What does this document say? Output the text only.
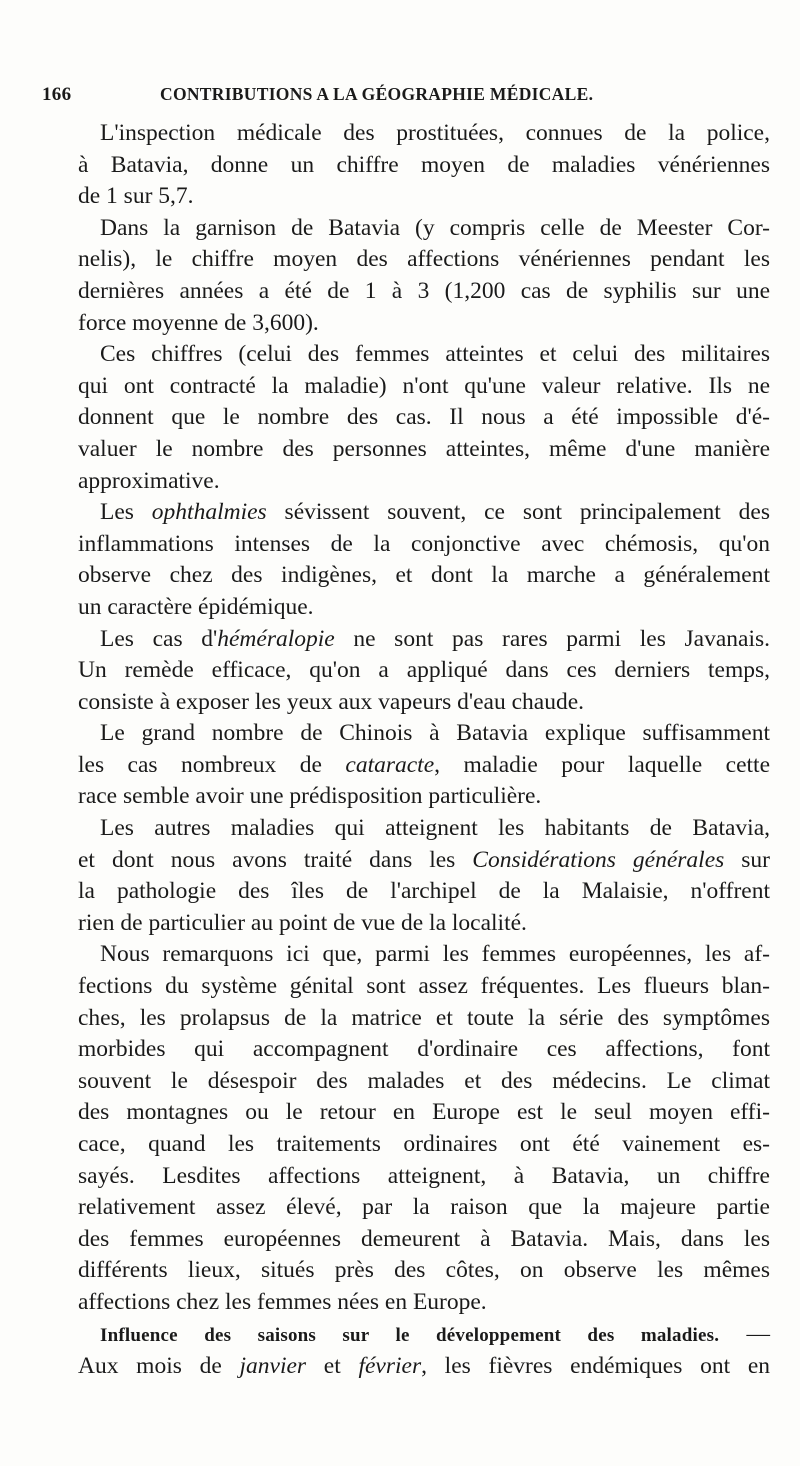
166	CONTRIBUTIONS A LA GÉOGRAPHIE MÉDICALE.

L'inspection médicale des prostituées, connues de la police,
à Batavia, donne un chiffre moyen de maladies vénériennes
de 1 sur 5,7.

Dans la garnison de Batavia (y compris celle de Meester Cor-
nelis), le chiffre moyen des affections vénériennes pendant les
dernières années a été de 1 à 3 (1,200 cas de syphilis sur une
force moyenne de 3,600).

Ces chiffres (celui des femmes atteintes et celui des militaires
qui ont contracté la maladie) n'ont qu'une valeur relative. Ils ne
donnent que le nombre des cas. Il nous a été impossible d'é-
valuer le nombre des personnes atteintes, même d'une manière
approximative.

Les ophthalmies sévissent souvent, ce sont principalement des
inflammations intenses de la conjonctive avec chémosis, qu'on
observe chez des indigènes, et dont la marche a généralement
un caractère épidémique.

Les cas d'héméralopie ne sont pas rares parmi les Javanais.
Un remède efficace, qu'on a appliqué dans ces derniers temps,
consiste à exposer les yeux aux vapeurs d'eau chaude.

Le grand nombre de Chinois à Batavia explique suffisamment
les cas nombreux de cataracte, maladie pour laquelle cette
race semble avoir une prédisposition particulière.

Les autres maladies qui atteignent les habitants de Batavia,
et dont nous avons traité dans les Considérations générales sur
la pathologie des îles de l'archipel de la Malaisie, n'offrent
rien de particulier au point de vue de la localité.

Nous remarquons ici que, parmi les femmes européennes, les af-
fections du système génital sont assez fréquentes. Les flueurs blan-
ches, les prolapsus de la matrice et toute la série des symptômes
morbides qui accompagnent d'ordinaire ces affections, font
souvent le désespoir des malades et des médecins. Le climat
des montagnes ou le retour en Europe est le seul moyen effi-
cace, quand les traitements ordinaires ont été vainement es-
sayés. Lesdites affections atteignent, à Batavia, un chiffre
relativement assez élevé, par la raison que la majeure partie
des femmes européennes demeurent à Batavia. Mais, dans les
différents lieux, situés près des côtes, on observe les mêmes
affections chez les femmes nées en Europe.

Influence des saisons sur le développement des maladies. —
Aux mois de janvier et février, les fièvres endémiques ont en
